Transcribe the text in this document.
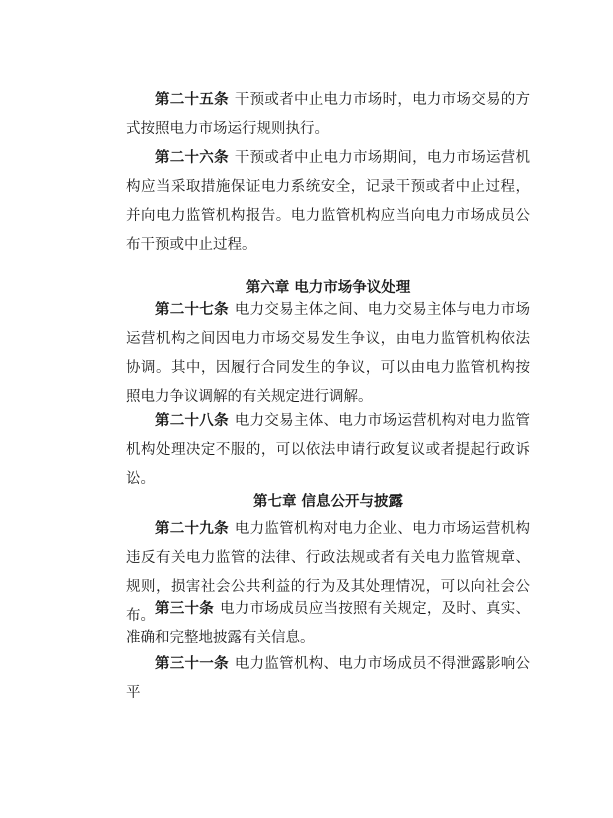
第二十五条 干预或者中止电力市场时，电力市场交易的方式按照电力市场运行规则执行。

第二十六条 干预或者中止电力市场期间，电力市场运营机构应当采取措施保证电力系统安全，记录干预或者中止过程，并向电力监管机构报告。电力监管机构应当向电力市场成员公布干预或中止过程。

第六章 电力市场争议处理

第二十七条 电力交易主体之间、电力交易主体与电力市场运营机构之间因电力市场交易发生争议，由电力监管机构依法协调。其中，因履行合同发生的争议，可以由电力监管机构按照电力争议调解的有关规定进行调解。

第二十八条 电力交易主体、电力市场运营机构对电力监管机构处理决定不服的，可以依法申请行政复议或者提起行政诉讼。

第七章 信息公开与披露

第二十九条 电力监管机构对电力企业、电力市场运营机构违反有关电力监管的法律、行政法规或者有关电力监管规章、规则，损害社会公共利益的行为及其处理情况，可以向社会公布。 第三十条 电力市场成员应当按照有关规定，及时、真实、准确和完整地披露有关信息。

第三十一条 电力监管机构、电力市场成员不得泄露影响公平
